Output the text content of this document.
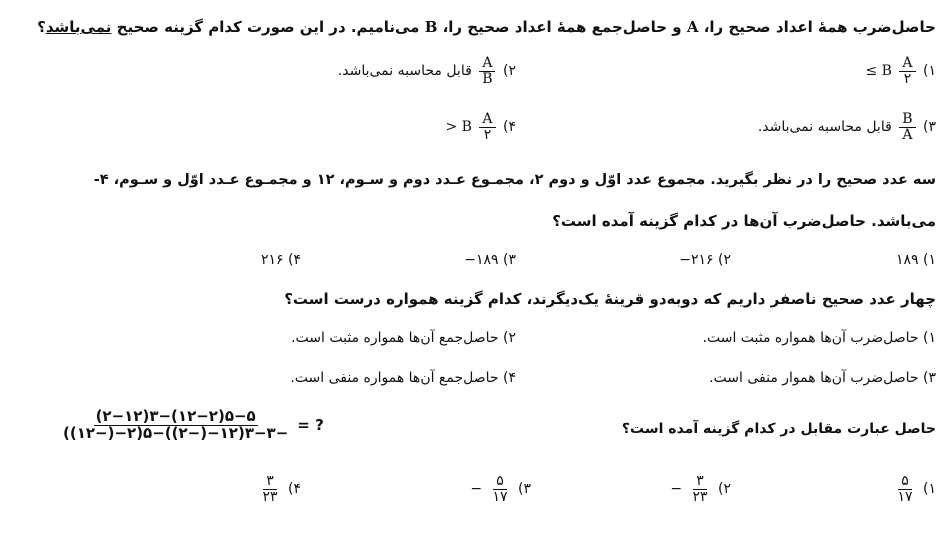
حاصل‌ضرب همهٔ اعداد صحیح را، A و حاصل‌جمع همهٔ اعداد صحیح را، B می‌نامیم. در این صورت کدام گزینه صحیح نمی‌باشد؟
۱)
$\frac{A}{۲}$
≤ B
۲)
$\frac{A}{B}$
قابل محاسبه نمی‌باشد.
۳)
$\frac{B}{A}$
قابل محاسبه نمی‌باشد.
۴)
$\frac{A}{۲}$
> B
سه عدد صحیح را در نظر بگیرید. مجموع عدد اوّل و دوم ۲، مجمـوع عـدد دوم و سـوم، ۱۲ و مجمـوع عـدد اوّل و سـوم، ۴-
می‌باشد. حاصل‌ضرب آن‌ها در کدام گزینه آمده است؟
۱) ۱۸۹
۲) ۲۱۶−
۳) ۱۸۹−
۴) ۲۱۶
چهار عدد صحیح ناصفر داریم که دوبه‌دو قرینهٔ یک‌دیگرند، کدام گزینه همواره درست است؟
۱) حاصل‌ضرب آن‌ها همواره مثبت است.
۲) حاصل‌جمع آن‌ها همواره مثبت است.
۳) حاصل‌ضرب آن‌ها هموار منفی است.
۴) حاصل‌جمع آن‌ها همواره منفی است.
حاصل عبارت مقابل در کدام گزینه آمده است؟
$\frac{۵-۵(۱۲-۲)-۳(۲-۱۲)}{-۳-۳(۱۲-(-۲))-۵(۲-(-۱۲))}$ = ?
۱)
$\frac{۵}{۱۷}$
۲)
$\frac{۳}{۲۳}$
−
۳)
$\frac{۵}{۱۷}$
−
۴)
$\frac{۳}{۲۳}$
